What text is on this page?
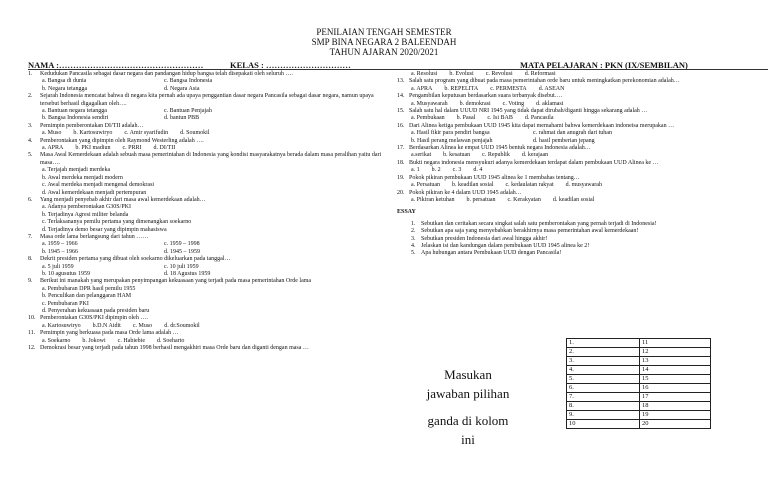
PENILAIAN TENGAH SEMESTER
SMP BINA NEGARA 2 BALEENDAH
TAHUN AJARAN 2020/2021
NAMA :……………………………………………	KELAS : …………………………	MATA PELAJARAN : PKN (IX/SEMBILAN)
1.	Kedudukan Pancasila sebagai dasar negara dan pandangan hidup bangsa telah disepakati oleh seluruh ….
a. Bangsa di dunia	c. Bangsa Indonesia
b. Negara tetangga	d. Negara Asia
2.	Sejarah Indonesia mencatat bahwa di negara kita pernah ada upaya penggantian dasar negara Pancasila sebagai dasar negara, namun upaya tersebut berhasil digagalkan oleh….
a. Bantuan negara tetangga	c. Bantuan Penjajah
b. Bangsa Indonesia sendiri	d. bantun PBB
3.	Pemimpin pemberontakan DI/TII adalah…
a. Muso b. Kartosuwiryo c. Amir syarifudin d. Soumokil
4.	Pemberontakan yang dipimpin oleh Raymond Westerling adalah ….
a. APRA b. PKI madiun c. PRRI d. DI/TII
5.	Masa Awal Kemerdekaan adalah sebuah masa pemerintahan di Indonesia yang kondisi masyarakatnya berada dalam masa peralihan yaitu dari masa….
a. Terjajah menjadi merdeka
b. Awal merdeka menjadi modern
c. Awal merdeka menjadi mengenal demokrasi
d. Awal kemerdekaan menjadi pertempuran
6.	Yang menjadi penyebab akhir dari masa awal kemerdekaan adalah…
a. Adanya pemberontakan G30S/PKI
b. Terjadinya Agresi militer belanda
c. Terlaksananya pemilu pertama yang dimenangkan soekarno
d. Terjadinya demo besar yang dipimpin mahasiswa
7.	Masa orde lama berlangsung dari tahun ……
a. 1959 – 1966	c. 1959 – 1998
b. 1945 – 1966	d. 1945 – 1959
8.	Dekrit presiden pertama yang dibuat oleh soekarno dikeluarkan pada tanggal…
a. 5 juli 1959	c. 10 juli 1959
b. 10 agusutus 1959	d. 18 Agustus 1959
9.	Berikut ini manakah yang merupakan penyimpangan kekuasaan yang terjadi pada masa pemerintahan Orde lama
a. Pembubaran DPR hasil pemilu 1955
b. Penculikan dan pelanggaran HAM
c. Pembubaran PKI
d. Penyerahan kekuasaan pada presiden baru
10. Pemberontakan G30S/PKI dipimpin oleh ….
a. Kartosuwiryo b.D.N Aidit c. Muso d. dr.Soumokil
11. Pemimpin yang berkuasa pada masa Orde lama adalah …
a. Soekarno b. Jokowi c. Habiebie d. Soeharto
12. Demokrasi besar yang terjadi pada tahun 1998 berhasil mengakhiri masa Orde baru dan diganti dengan masa …
a. Resolusi b. Evolusi c. Revolusi d. Reformasi
13. Salah satu program yang dibuat pada masa pemerintahan orde baru untuk meningkatkan perekonomian adalah…
a. APRA b. REPELITA c. PERMESTA d. ASEAN
14. Pengambilan keputusan berdasarkan suara terbanyak disebut….
a. Musyawarah b. demokrasi c. Voting d. aklamasi
15. Salah satu hal dalam UUUD NRI 1945 yang tidak dapat dirubah/diganti hingga sekarang adalah …
a. Pembukaan b. Pasal c. Isi BAB d. Pancasila
16. Dari Alinea ketiga pembukaan UUD 1945 kita dapat memahami bahwa kemerdekaan indoneisa merupakan …
a. Hasil fikir para pendiri bangsa	c. rahmat dan anugrah dari tuhan
b. Hasil perang melawan penjajah	d. hasil pemberian jepang
17. Berdasarkan Alinea ke empat UUD 1945 bentuk negara Indonesia adalah…
a.serikat b. kesatuan c. Republik d. kerajaan
18. Bukti negara indonesia mensyukuri adanya kemerdekaan terdapat dalam pembukaan UUD Alinea ke …
a. 1 b. 2 c. 3 d. 4
19. Pokok pikiran pembukaan UUD 1945 alinea ke 1 membahas tentang…
a. Persatuan b. keadilan sosial c. kedaulatan rakyat d. musyawarah
20. Pokok pikiran ke 4 dalam UUD 1945 adalah…
a. Pikiran ketuhan b. persatuan c. Kerakyatan d. keadilan sosial
ESSAY
1. Sebutkan dan ceritakan secara singkat salah satu pemberontakan yang pernah terjadi di Indonesia!
2. Sebutkan apa saja yang menyebabkan berakhirnya masa pemerintahan awal kemerdekaan!
3. Sebutkan presiden Indonesia dari awal hingga akhir!
4. Jelaskan isi dan kandungan dalam pembukaan UUD 1945 alinea ke 2!
5. Apa hubungan antara Pembukaan UUD dengan Pancasila!
Masukan
jawaban pilihan
ganda di kolom
ini
1.	11
2.	12
3.	13
4.	14
5.	15
6.	16
7.	17
8.	18
9.	19
10	20
